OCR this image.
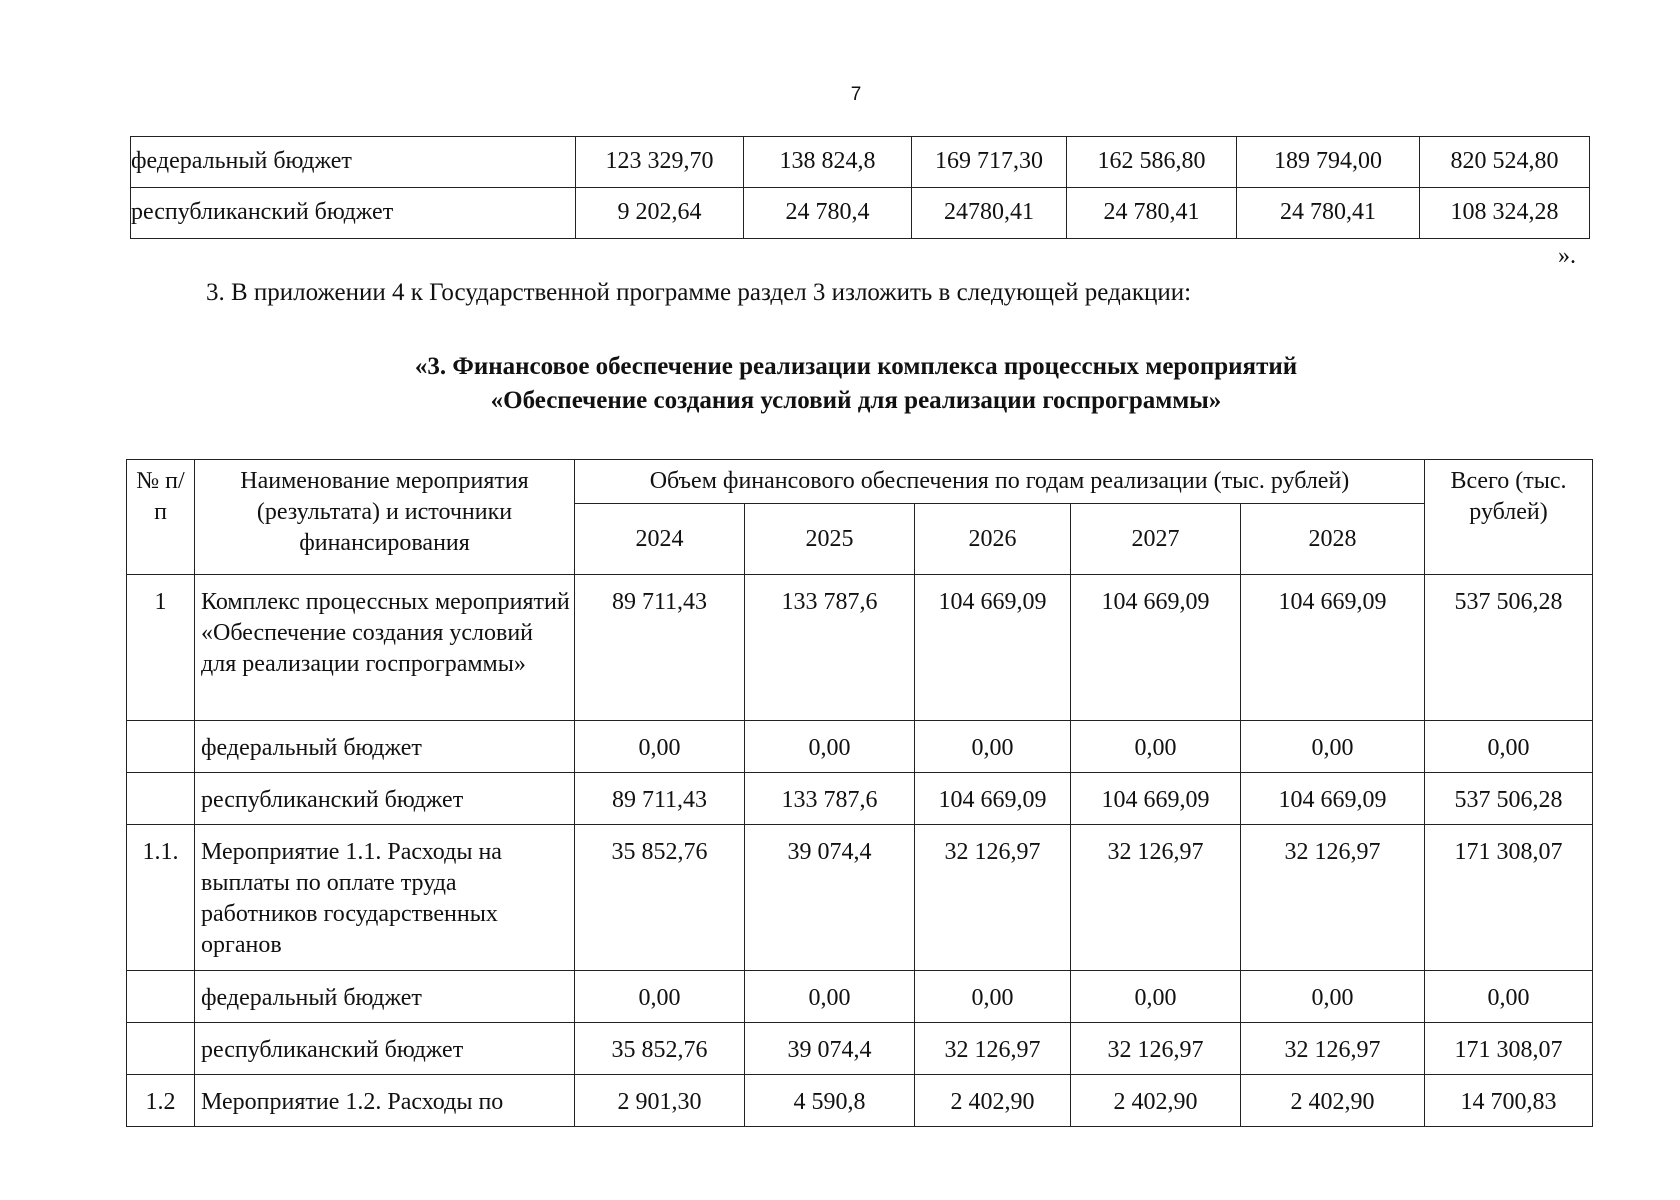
7
федеральный бюджет	123 329,70	138 824,8	169 717,30	162 586,80	189 794,00	820 524,80
республиканский бюджет	9 202,64	24 780,4	24780,41	24 780,41	24 780,41	108 324,28
».
3. В приложении 4 к Государственной программе раздел 3 изложить в следующей редакции:
«3. Финансовое обеспечение реализации комплекса процессных мероприятий
«Обеспечение создания условий для реализации госпрограммы»
№ п/п	Наименование мероприятия (результата) и источники финансирования	Объем финансового обеспечения по годам реализации (тыс. рублей)					Всего (тыс. рублей)
		2024	2025	2026	2027	2028	
1	Комплекс процессных мероприятий «Обеспечение создания условий для реализации госпрограммы»	89 711,43	133 787,6	104 669,09	104 669,09	104 669,09	537 506,28
	федеральный бюджет	0,00	0,00	0,00	0,00	0,00	0,00
	республиканский бюджет	89 711,43	133 787,6	104 669,09	104 669,09	104 669,09	537 506,28
1.1.	Мероприятие 1.1. Расходы на выплаты по оплате труда работников государственных органов	35 852,76	39 074,4	32 126,97	32 126,97	32 126,97	171 308,07
	федеральный бюджет	0,00	0,00	0,00	0,00	0,00	0,00
	республиканский бюджет	35 852,76	39 074,4	32 126,97	32 126,97	32 126,97	171 308,07
1.2	Мероприятие 1.2. Расходы по	2 901,30	4 590,8	2 402,90	2 402,90	2 402,90	14 700,83
